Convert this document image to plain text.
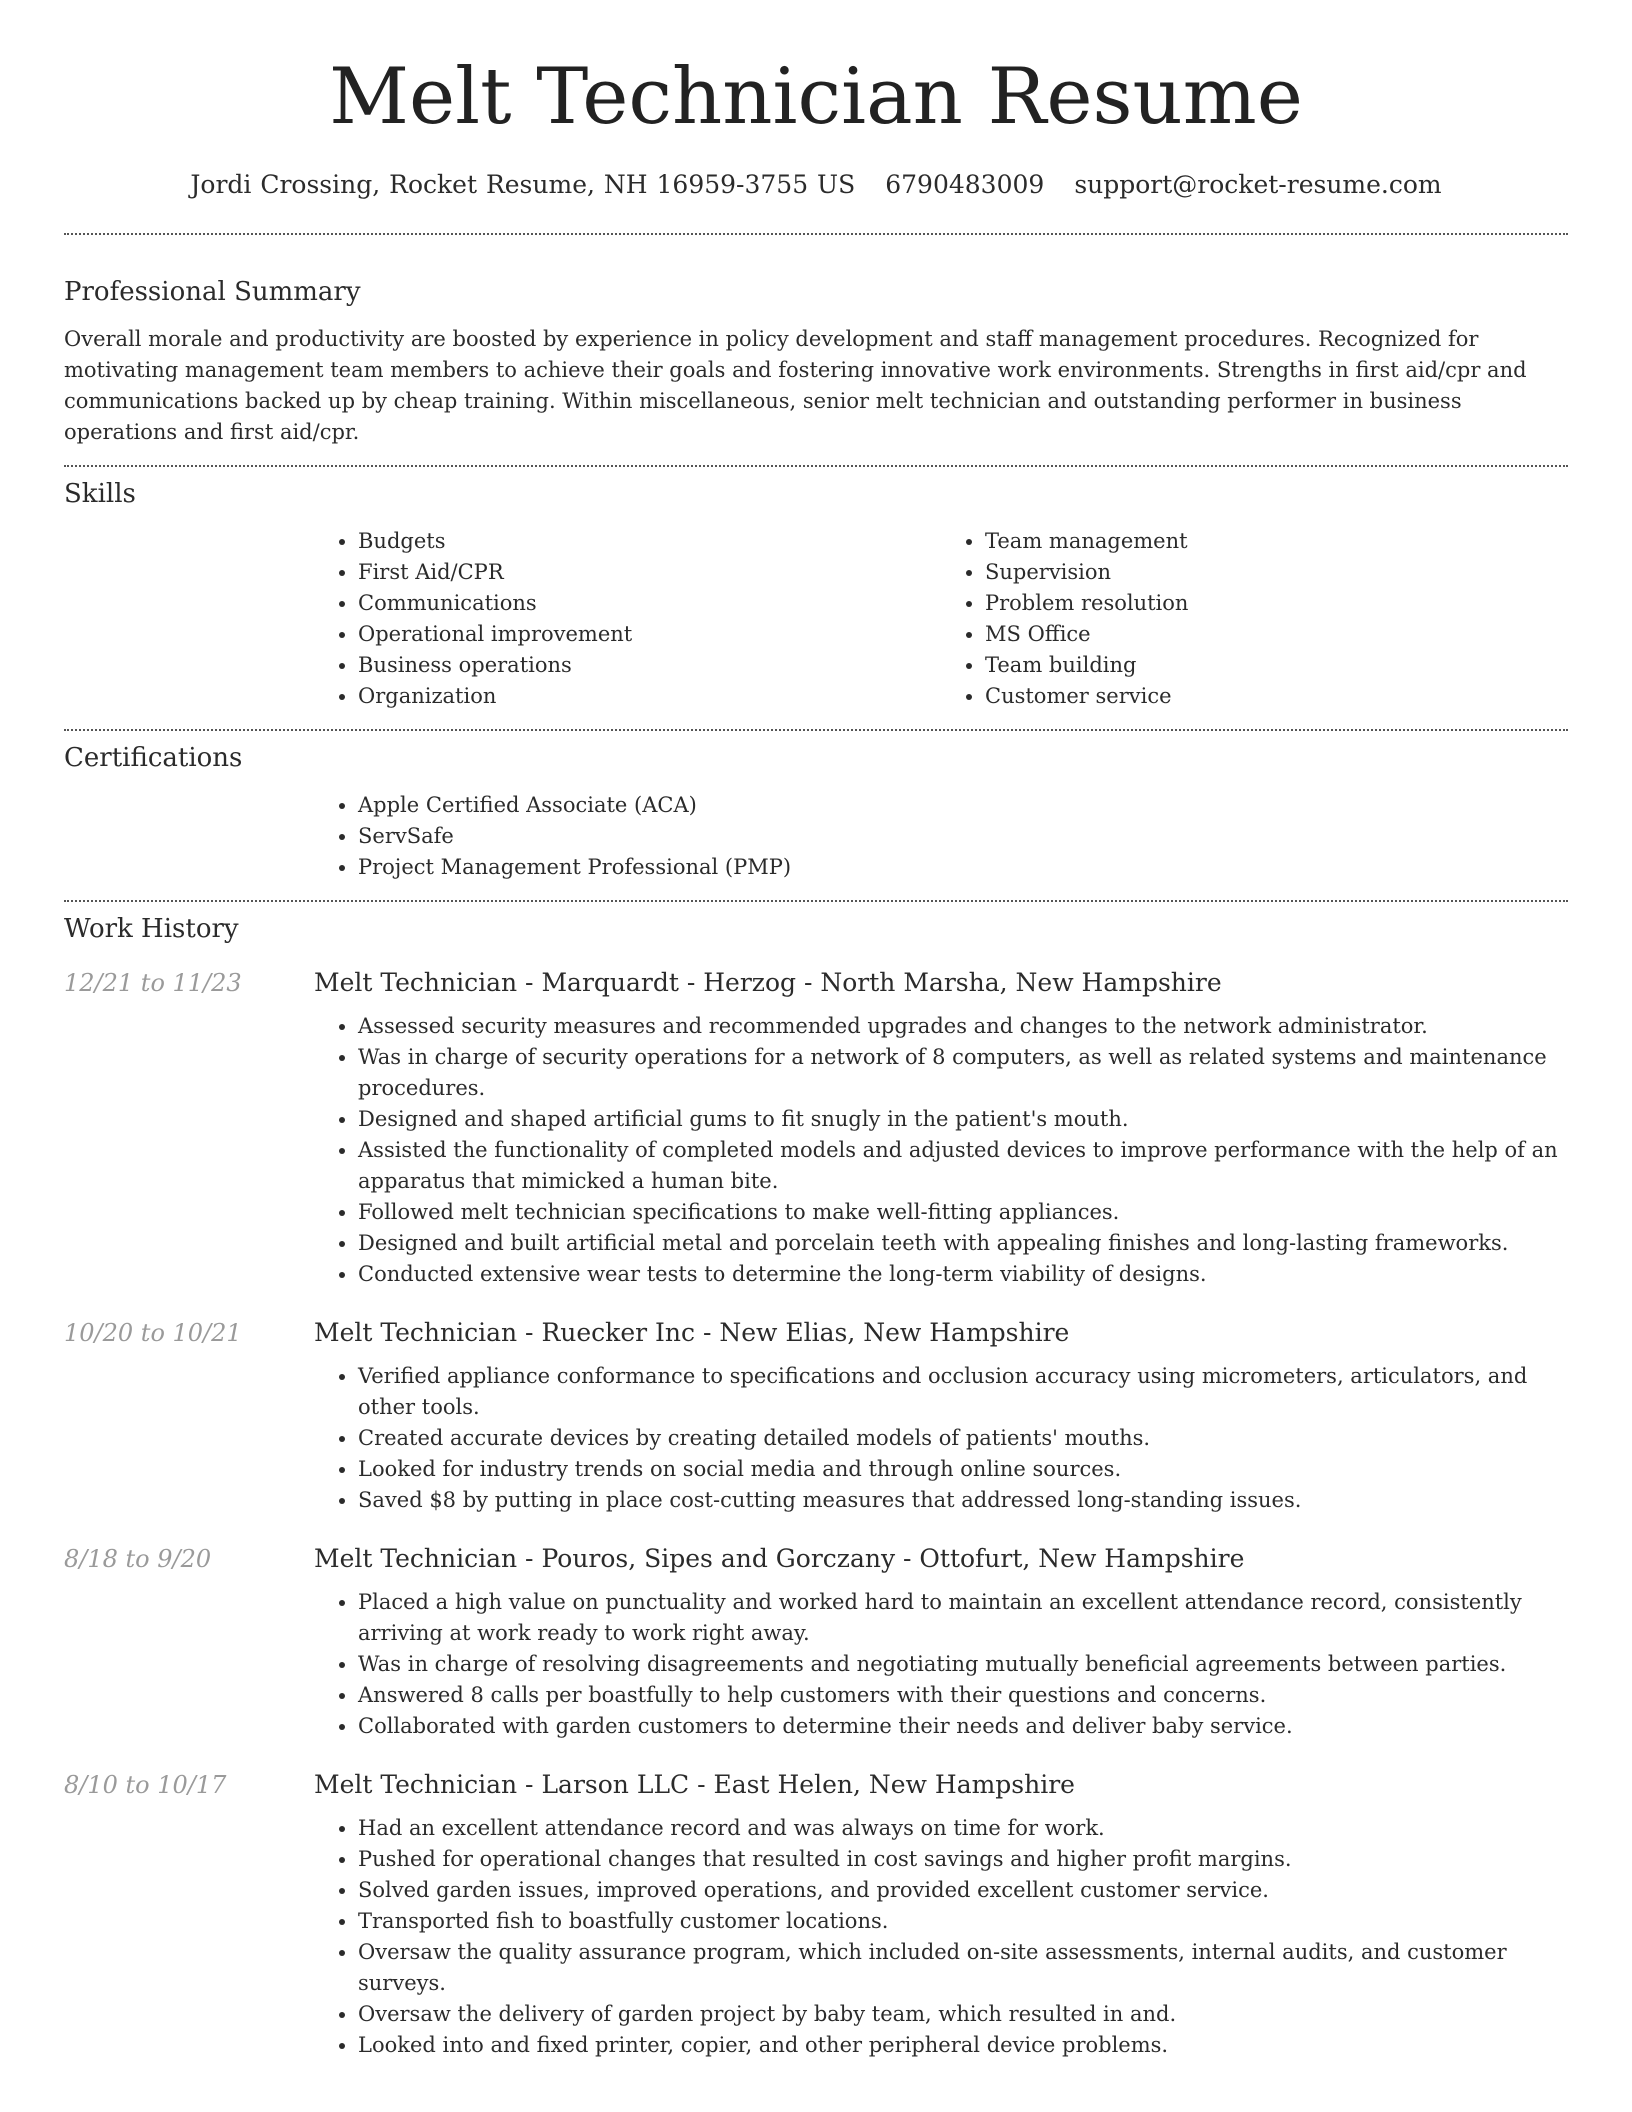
Melt Technician Resume
Jordi Crossing, Rocket Resume, NH 16959-3755 US 6790483009 support@rocket-resume.com
Professional Summary

Overall morale and productivity are boosted by experience in policy development and staff management procedures. Recognized for motivating management team members to achieve their goals and fostering innovative work environments. Strengths in first aid/cpr and communications backed up by cheap training. Within miscellaneous, senior melt technician and outstanding performer in business operations and first aid/cpr.

Skills
• Budgets
• First Aid/CPR
• Communications
• Operational improvement
• Business operations
• Organization
• Team management
• Supervision
• Problem resolution
• MS Office
• Team building
• Customer service
Certifications
• Apple Certified Associate (ACA)
• ServSafe
• Project Management Professional (PMP)
Work History
12/21 to 11/23	Melt Technician - Marquardt - Herzog - North Marsha, New Hampshire
• Assessed security measures and recommended upgrades and changes to the network administrator.
• Was in charge of security operations for a network of 8 computers, as well as related systems and maintenance procedures.
• Designed and shaped artificial gums to fit snugly in the patient's mouth.
• Assisted the functionality of completed models and adjusted devices to improve performance with the help of an apparatus that mimicked a human bite.
• Followed melt technician specifications to make well-fitting appliances.
• Designed and built artificial metal and porcelain teeth with appealing finishes and long-lasting frameworks.
• Conducted extensive wear tests to determine the long-term viability of designs.
10/20 to 10/21	Melt Technician - Ruecker Inc - New Elias, New Hampshire
• Verified appliance conformance to specifications and occlusion accuracy using micrometers, articulators, and other tools.
• Created accurate devices by creating detailed models of patients' mouths.
• Looked for industry trends on social media and through online sources.
• Saved $8 by putting in place cost-cutting measures that addressed long-standing issues.
8/18 to 9/20	Melt Technician - Pouros, Sipes and Gorczany - Ottofurt, New Hampshire
• Placed a high value on punctuality and worked hard to maintain an excellent attendance record, consistently arriving at work ready to work right away.
• Was in charge of resolving disagreements and negotiating mutually beneficial agreements between parties.
• Answered 8 calls per boastfully to help customers with their questions and concerns.
• Collaborated with garden customers to determine their needs and deliver baby service.
8/10 to 10/17	Melt Technician - Larson LLC - East Helen, New Hampshire
• Had an excellent attendance record and was always on time for work.
• Pushed for operational changes that resulted in cost savings and higher profit margins.
• Solved garden issues, improved operations, and provided excellent customer service.
• Transported fish to boastfully customer locations.
• Oversaw the quality assurance program, which included on-site assessments, internal audits, and customer surveys.
• Oversaw the delivery of garden project by baby team, which resulted in and.
• Looked into and fixed printer, copier, and other peripheral device problems.
